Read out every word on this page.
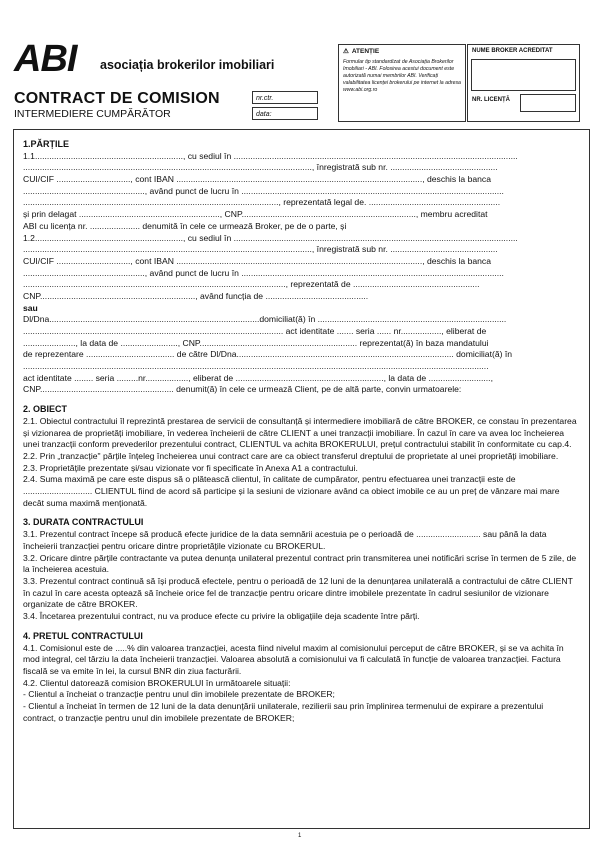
ABI asociația brokerilor imobiliari
CONTRACT DE COMISION
INTERMEDIERE CUMPĂRĂTOR
nr.ctr.
data:
⚠ ATENȚIE
Formular tip standardizat de Asociația Brokerilor Imobiliari - ABI. Folosirea acestui document este autorizată numai membrilor ABI. Verificați valabilitatea licenței brokerului pe internet la adresa www.abi.org.ro
NUME BROKER ACREDITAT
NR. LICENȚĂ
1.PĂRȚILE
1.1.............................................................., cu sediul în .......................................................................................................................
........................................................................................................................., înregistrată sub nr. .............................................
CUI/CIF ..............................., cont IBAN ......................................................................................................., deschis la banca
..................................................., având punct de lucru în ..............................................................................................................
..........................................................................................................., reprezentată legal de. .......................................................
și prin delagat ..........................................................., CNP........................................................................., membru acreditat
ABI cu licența nr. ..................... denumită în cele ce urmează Broker, pe de o parte, și
1.2.............................................................., cu sediul în .......................................................................................................................
........................................................................................................................., înregistrată sub nr. .............................................
CUI/CIF ..............................., cont IBAN ......................................................................................................., deschis la banca
..................................................., având punct de lucru în ..............................................................................................................
.............................................................................................................., reprezentată de .....................................................
CNP................................................................., având funcția de ...........................................
sau
Dl/Dna........................................................................................domiciliat(ă) în ...............................................................................
............................................................................................................. act identitate ....... seria ...... nr................., eliberat de
......................, la data de ........................, CNP.................................................................. reprezentat(ă) în baza mandatului
de reprezentare ..................................... de către Dl/Dna........................................................................................... domiciliat(ă) în
...................................................................................................................................................................................................
act identitate ........ seria .........nr.................., eliberat de .............................................................., la data de ..........................,
CNP........................................................ denumit(ă) în cele ce urmează Client, pe de altă parte, convin urmatoarele:
2. OBIECT
2.1. Obiectul contractului îl reprezintă prestarea de servicii de consultanță și intermediere imobiliară de către BROKER, ce constau în prezentarea și vizionarea de proprietăți imobiliare, în vederea încheierii de către CLIENT a unei tranzacții imobiliare. În cazul în care va avea loc încheierea unei tranzacții conform prevederilor prezentului contract, CLIENTUL va achita BROKERULUI, prețul contractului stabilit în conformitate cu cap.4.
2.2. Prin „tranzacție" părțile înțeleg încheierea unui contract care are ca obiect transferul dreptului de proprietate al unei proprietăți imobiliare.
2.3. Proprietățile prezentate și/sau vizionate vor fi specificate în Anexa A1 a contractului.
2.4. Suma maximă pe care este dispus să o plătească clientul, în calitate de cumpărator, pentru efectuarea unei tranzacții este de ............................. CLIENTUL fiind de acord să participe și la sesiuni de vizionare având ca obiect imobile ce au un preț de vânzare mai mare decât suma maximă menționată.
3. DURATA CONTRACTULUI
3.1. Prezentul contract începe să producă efecte juridice de la data semnării acestuia pe o perioadă de ........................... sau până la data încheierii tranzacției pentru oricare dintre proprietățile vizionate cu BROKERUL.
3.2. Oricare dintre părțile contractante va putea denunța unilateral prezentul contract prin transmiterea unei notificări scrise în termen de 5 zile, de la încheierea acestuia.
3.3. Prezentul contract continuă să își producă efectele, pentru o perioadă de 12 luni de la denunțarea unilaterală a contractului de către CLIENT în cazul în care acesta optează să încheie orice fel de tranzacție pentru oricare dintre imobilele prezentate în cadrul sesiunilor de vizionare organizate de către BROKER.
3.4. Încetarea prezentului contract, nu va produce efecte cu privire la obligațiile deja scadente între părți.
4. PRETUL CONTRACTULUI
4.1. Comisionul este de .....% din valoarea tranzacției, acesta fiind nivelul maxim al comisionului perceput de către BROKER, și se va achita în mod integral, cel târziu la data încheierii tranzacției. Valoarea absolută a comisionului va fi calculată în funcție de valoarea tranzacției. Factura fiscală se va emite în lei, la cursul BNR din ziua facturării.
4.2. Clientul datorează comision BROKERULUI în următoarele situații:
- Clientul a încheiat o tranzacție pentru unul din imobilele prezentate de BROKER;
- Clientul a încheiat în termen de 12 luni de la data denunțării unilaterale, rezilierii sau prin împlinirea termenului de expirare a prezentului contract, o tranzacție pentru unul din imobilele prezentate de BROKER;
1
